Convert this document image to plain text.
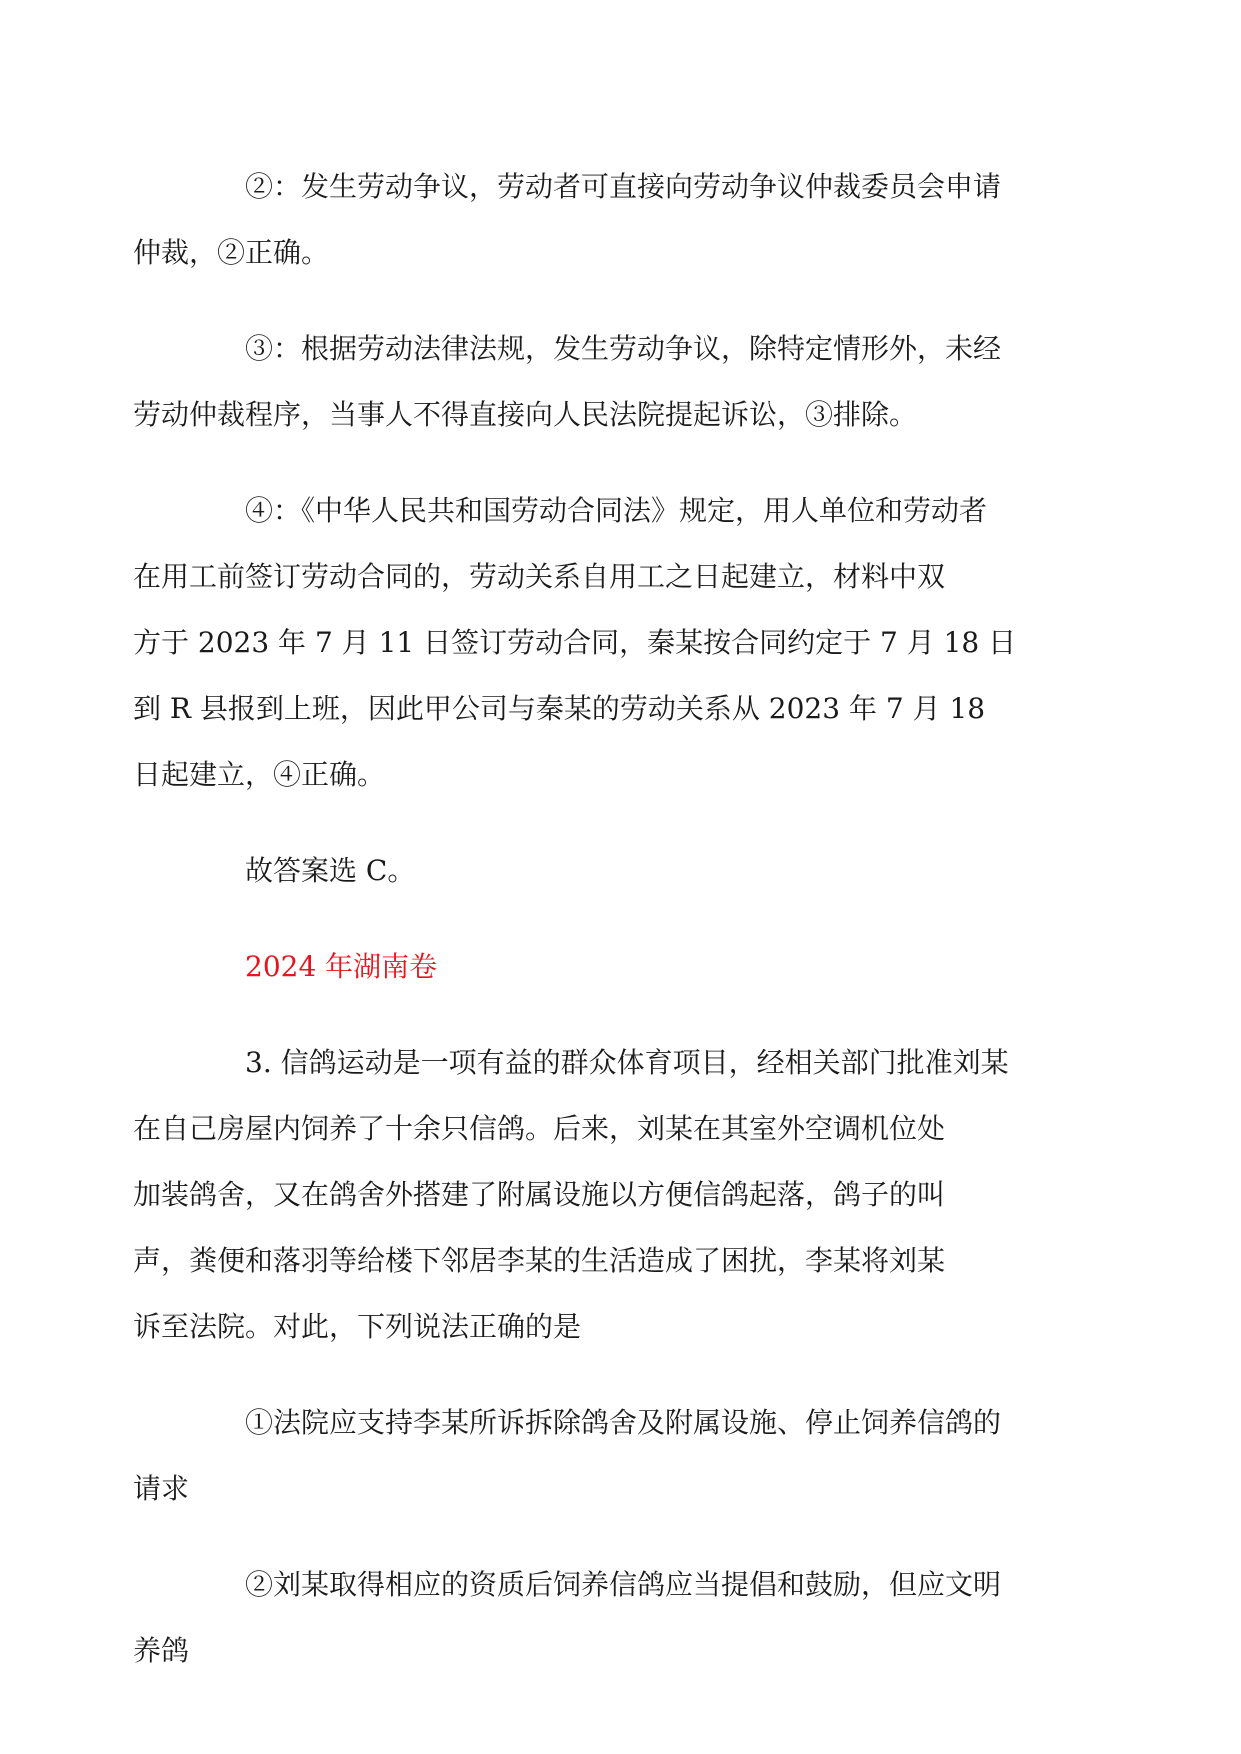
②：发生劳动争议，劳动者可直接向劳动争议仲裁委员会申请
仲裁，②正确。

③：根据劳动法律法规，发生劳动争议，除特定情形外，未经
劳动仲裁程序，当事人不得直接向人民法院提起诉讼，③排除。

④：《中华人民共和国劳动合同法》规定，用人单位和劳动者
在用工前签订劳动合同的，劳动关系自用工之日起建立，材料中双
方于 2023 年 7 月 11 日签订劳动合同，秦某按合同约定于 7 月 18 日
到 R 县报到上班，因此甲公司与秦某的劳动关系从 2023 年 7 月 18
日起建立，④正确。

故答案选 C。

2024 年湖南卷

3. 信鸽运动是一项有益的群众体育项目，经相关部门批准刘某
在自己房屋内饲养了十余只信鸽。后来，刘某在其室外空调机位处
加装鸽舍，又在鸽舍外搭建了附属设施以方便信鸽起落，鸽子的叫
声，粪便和落羽等给楼下邻居李某的生活造成了困扰，李某将刘某
诉至法院。对此，下列说法正确的是

①法院应支持李某所诉拆除鸽舍及附属设施、停止饲养信鸽的
请求

②刘某取得相应的资质后饲养信鸽应当提倡和鼓励，但应文明
养鸽
